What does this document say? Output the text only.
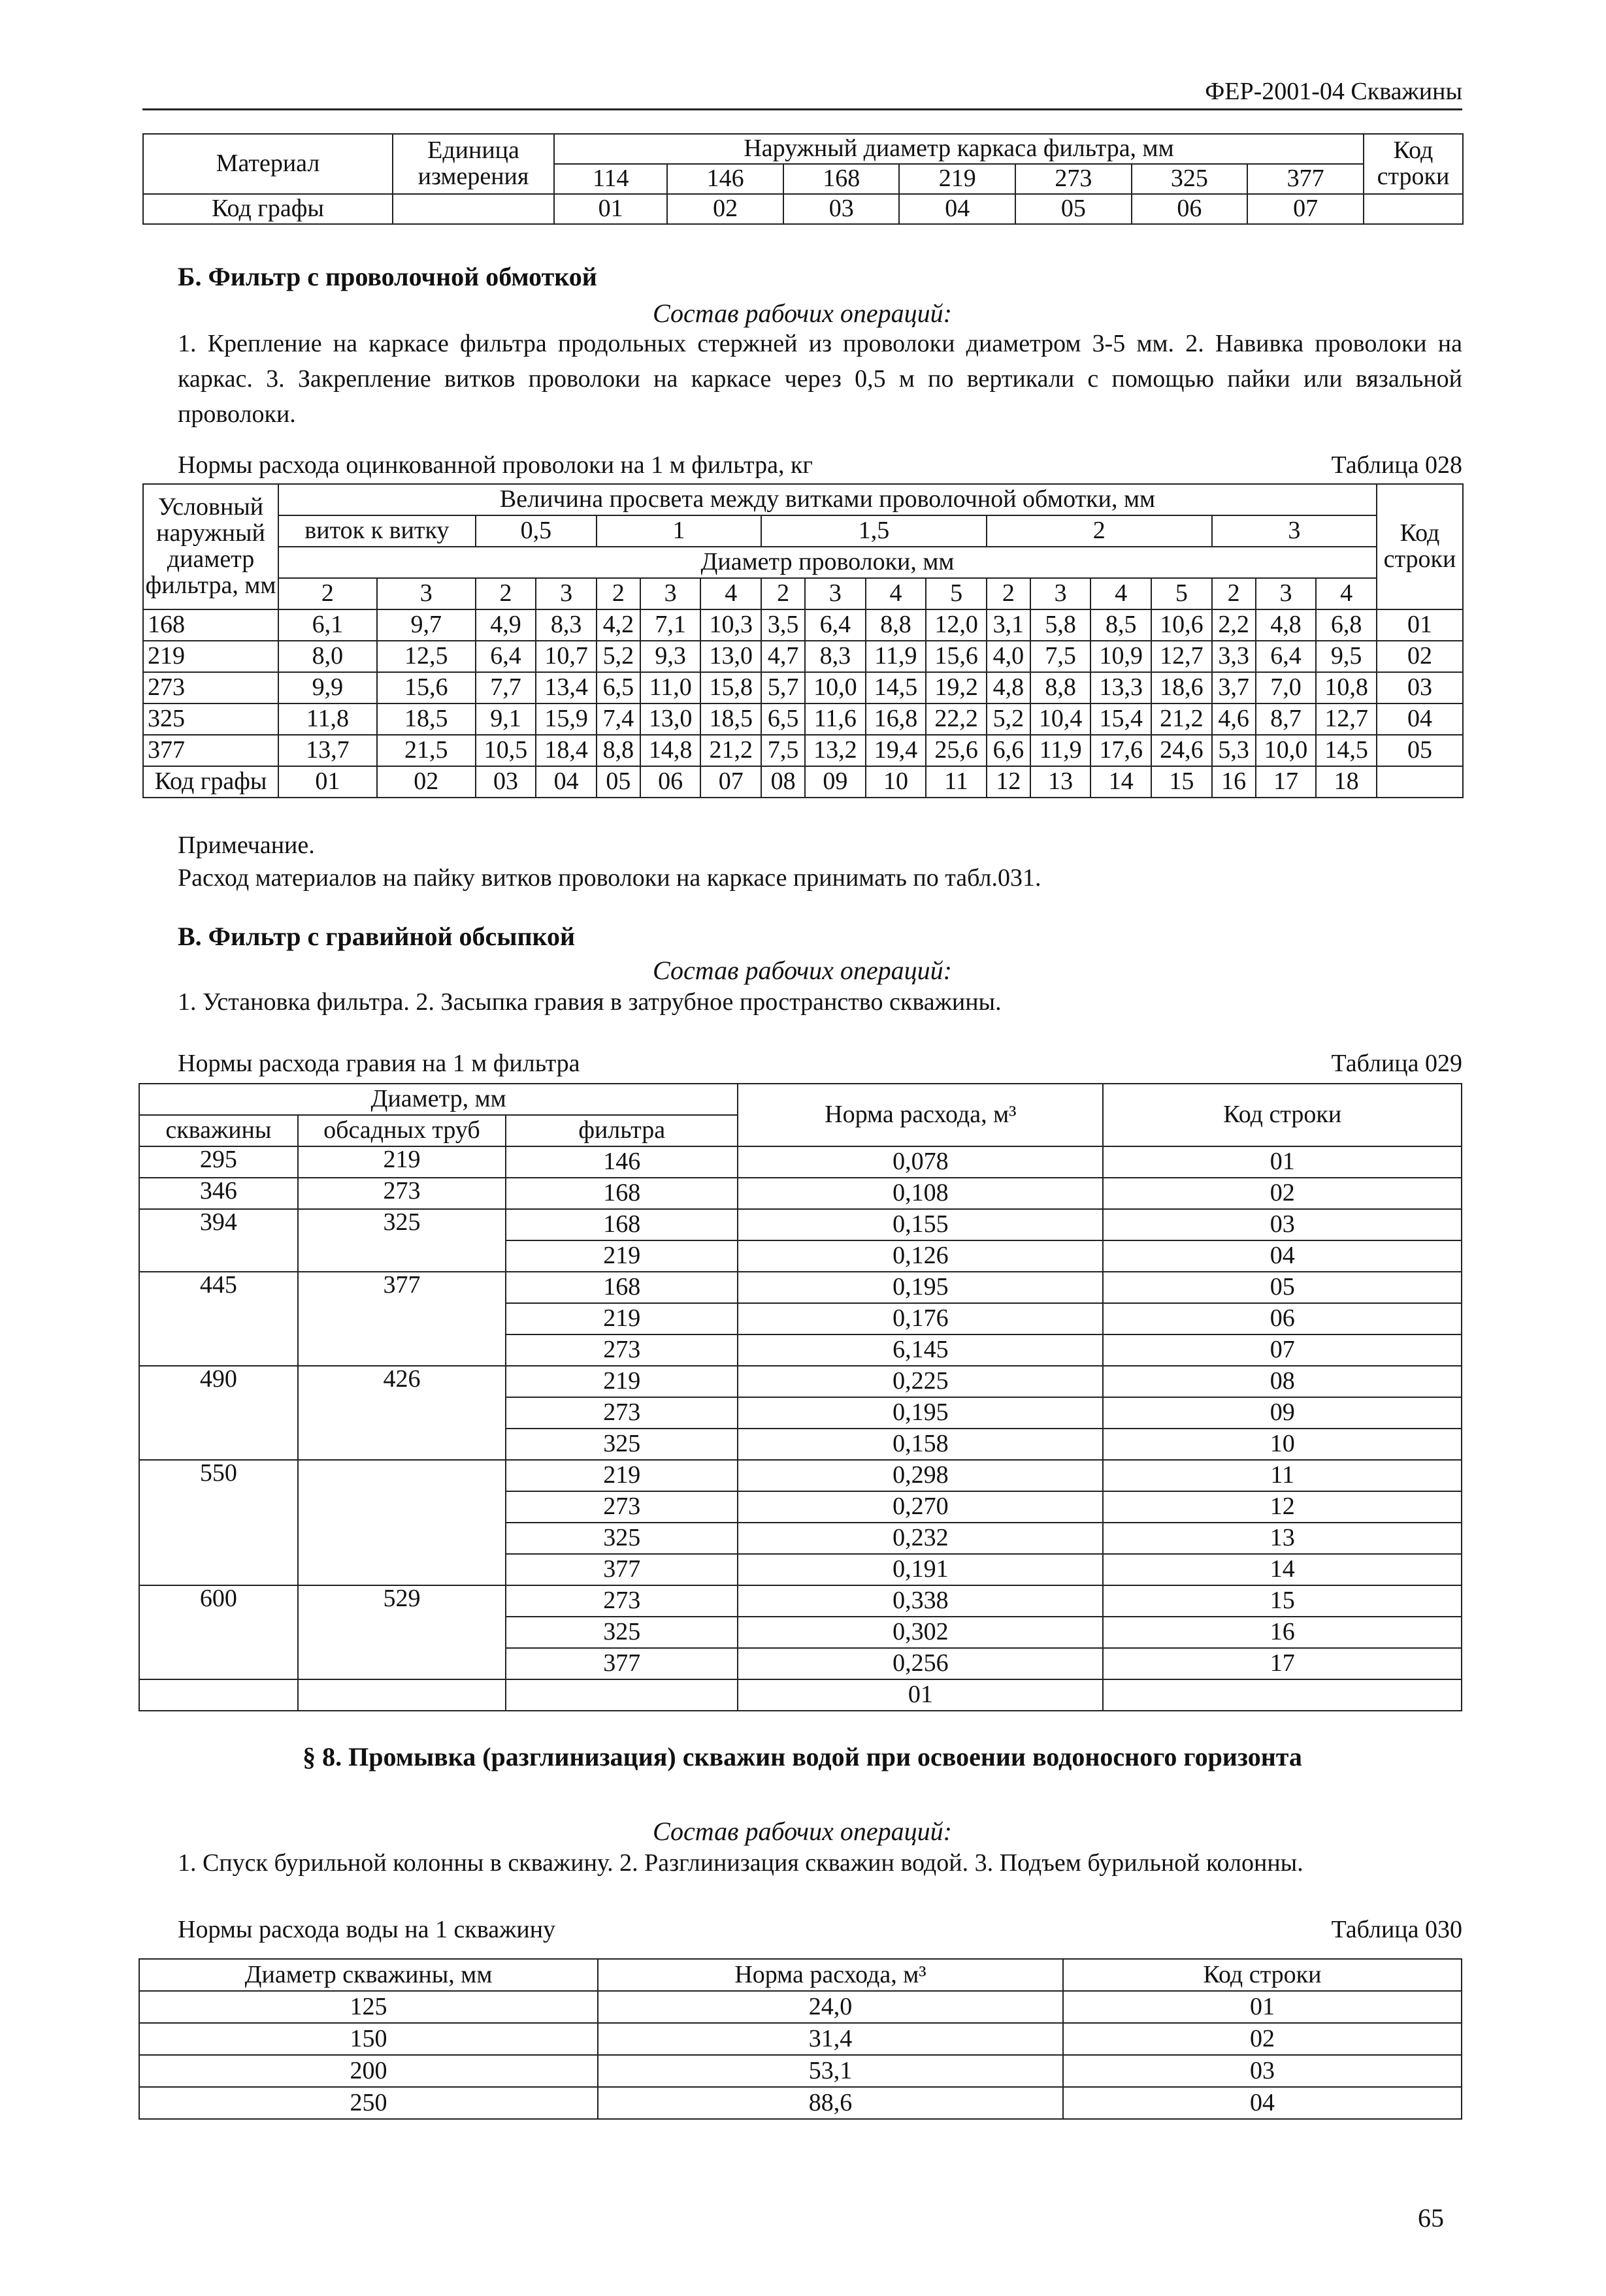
ФЕР-2001-04 Скважины
Материал	Единица измерения	Наружный диаметр каркаса фильтра, мм							Код строки
		114	146	168	219	273	325	377	
Код графы		01	02	03	04	05	06	07	
Б. Фильтр с проволочной обмоткой
Состав рабочих операций:
1. Крепление на каркасе фильтра продольных стержней из проволоки диаметром 3-5 мм. 2. Навивка проволоки на каркас. 3. Закрепление витков проволоки на каркасе через 0,5 м по вертикали с помощью пайки или вязальной проволоки.
Нормы расхода оцинкованной проволоки на 1 м фильтра, кг	Таблица 028
Условный наружный диаметр фильтра, мм	Величина просвета между витками проволочной обмотки, мм																		Код строки
	виток к витку		0,5		1			1,5				2				3			
	Диаметр проволоки, мм																		
	2	3	2	3	2	3	4	2	3	4	5	2	3	4	5	2	3	4	
168	6,1	9,7	4,9	8,3	4,2	7,1	10,3	3,5	6,4	8,8	12,0	3,1	5,8	8,5	10,6	2,2	4,8	6,8	01
219	8,0	12,5	6,4	10,7	5,2	9,3	13,0	4,7	8,3	11,9	15,6	4,0	7,5	10,9	12,7	3,3	6,4	9,5	02
273	9,9	15,6	7,7	13,4	6,5	11,0	15,8	5,7	10,0	14,5	19,2	4,8	8,8	13,3	18,6	3,7	7,0	10,8	03
325	11,8	18,5	9,1	15,9	7,4	13,0	18,5	6,5	11,6	16,8	22,2	5,2	10,4	15,4	21,2	4,6	8,7	12,7	04
377	13,7	21,5	10,5	18,4	8,8	14,8	21,2	7,5	13,2	19,4	25,6	6,6	11,9	17,6	24,6	5,3	10,0	14,5	05
Код графы	01	02	03	04	05	06	07	08	09	10	11	12	13	14	15	16	17	18	
Примечание.
Расход материалов на пайку витков проволоки на каркасе принимать по табл.031.
В. Фильтр с гравийной обсыпкой
Состав рабочих операций:
1. Установка фильтра. 2. Засыпка гравия в затрубное пространство скважины.
Нормы расхода гравия на 1 м фильтра	Таблица 029
Диаметр, мм			Норма расхода, м³	Код строки
скважины	обсадных труб	фильтра		
295	219	146	0,078	01
346	273	168	0,108	02
394	325	168	0,155	03
		219	0,126	04
445	377	168	0,195	05
		219	0,176	06
		273	6,145	07
490	426	219	0,225	08
		273	0,195	09
		325	0,158	10
550		219	0,298	11
		273	0,270	12
		325	0,232	13
		377	0,191	14
600	529	273	0,338	15
		325	0,302	16
		377	0,256	17
			01	
§ 8. Промывка (разглинизация) скважин водой при освоении водоносного горизонта
Состав рабочих операций:
1. Спуск бурильной колонны в скважину. 2. Разглинизация скважин водой. 3. Подъем бурильной колонны.
Нормы расхода воды на 1 скважину	Таблица 030
Диаметр скважины, мм	Норма расхода, м³	Код строки
125	24,0	01
150	31,4	02
200	53,1	03
250	88,6	04
65
